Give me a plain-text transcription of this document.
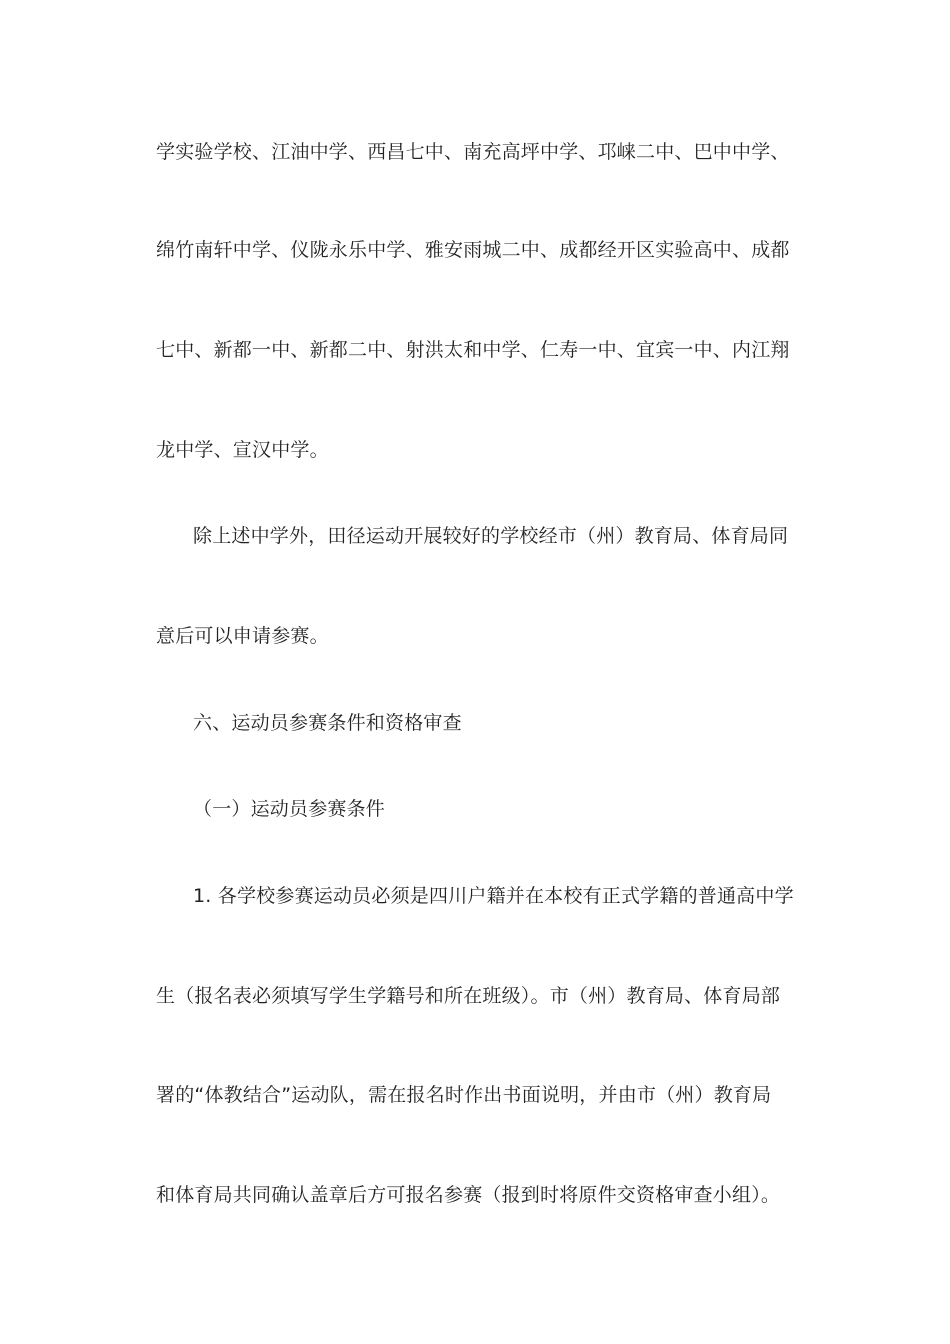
学实验学校、江油中学、西昌七中、南充高坪中学、邛崃二中、巴中中学、
绵竹南轩中学、仪陇永乐中学、雅安雨城二中、成都经开区实验高中、成都
七中、新都一中、新都二中、射洪太和中学、仁寿一中、宜宾一中、内江翔
龙中学、宣汉中学。
除上述中学外，田径运动开展较好的学校经市（州）教育局、体育局同
意后可以申请参赛。
六、运动员参赛条件和资格审查
（一）运动员参赛条件
1. 各学校参赛运动员必须是四川户籍并在本校有正式学籍的普通高中学
生（报名表必须填写学生学籍号和所在班级）。市（州）教育局、体育局部
署的“体教结合”运动队，需在报名时作出书面说明，并由市（州）教育局
和体育局共同确认盖章后方可报名参赛（报到时将原件交资格审查小组）。
